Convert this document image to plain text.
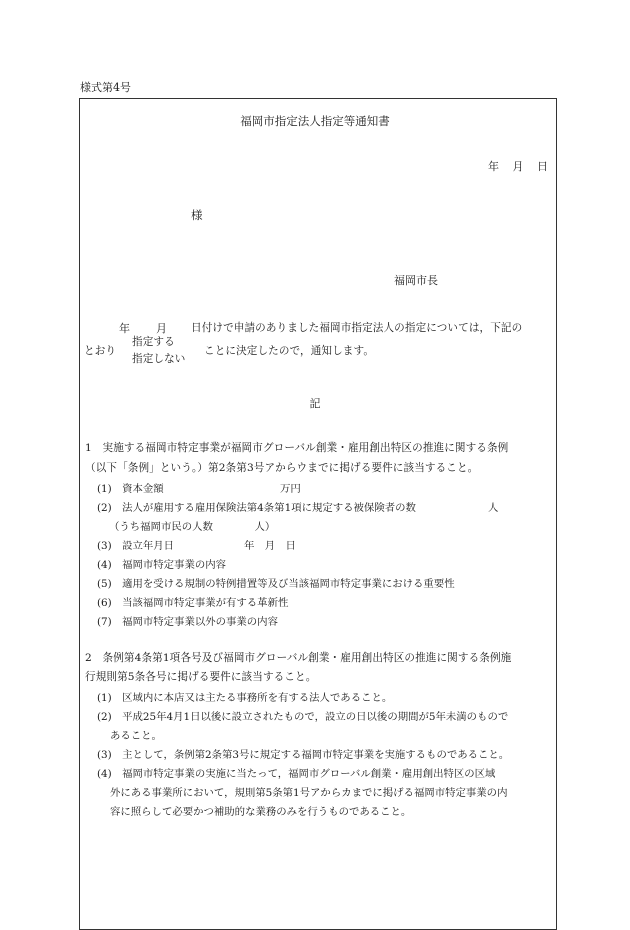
様式第4号
福岡市指定法人指定等通知書
年 月 日
様
福岡市長
年 月 日付けで申請のありました福岡市指定法人の指定については，下記の
とおり
指定する
指定しない
ことに決定したので，通知します。
記
1　実施する福岡市特定事業が福岡市グローバル創業・雇用創出特区の推進に関する条例
（以下「条例」という。）第2条第3号アからウまでに掲げる要件に該当すること。
(1)　資本金額	万円
(2)　法人が雇用する雇用保険法第4条第1項に規定する被保険者の数	人
（うち福岡市民の人数　　　　人）
(3)　設立年月日	年　月　日
(4)　福岡市特定事業の内容
(5)　適用を受ける規制の特例措置等及び当該福岡市特定事業における重要性
(6)　当該福岡市特定事業が有する革新性
(7)　福岡市特定事業以外の事業の内容
2　条例第4条第1項各号及び福岡市グローバル創業・雇用創出特区の推進に関する条例施
行規則第5条各号に掲げる要件に該当すること。
(1)　区域内に本店又は主たる事務所を有する法人であること。
(2)　平成25年4月1日以後に設立されたもので，設立の日以後の期間が5年未満のもので
あること。
(3)　主として，条例第2条第3号に規定する福岡市特定事業を実施するものであること。
(4)　福岡市特定事業の実施に当たって，福岡市グローバル創業・雇用創出特区の区域
外にある事業所において，規則第5条第1号アからカまでに掲げる福岡市特定事業の内
容に照らして必要かつ補助的な業務のみを行うものであること。
